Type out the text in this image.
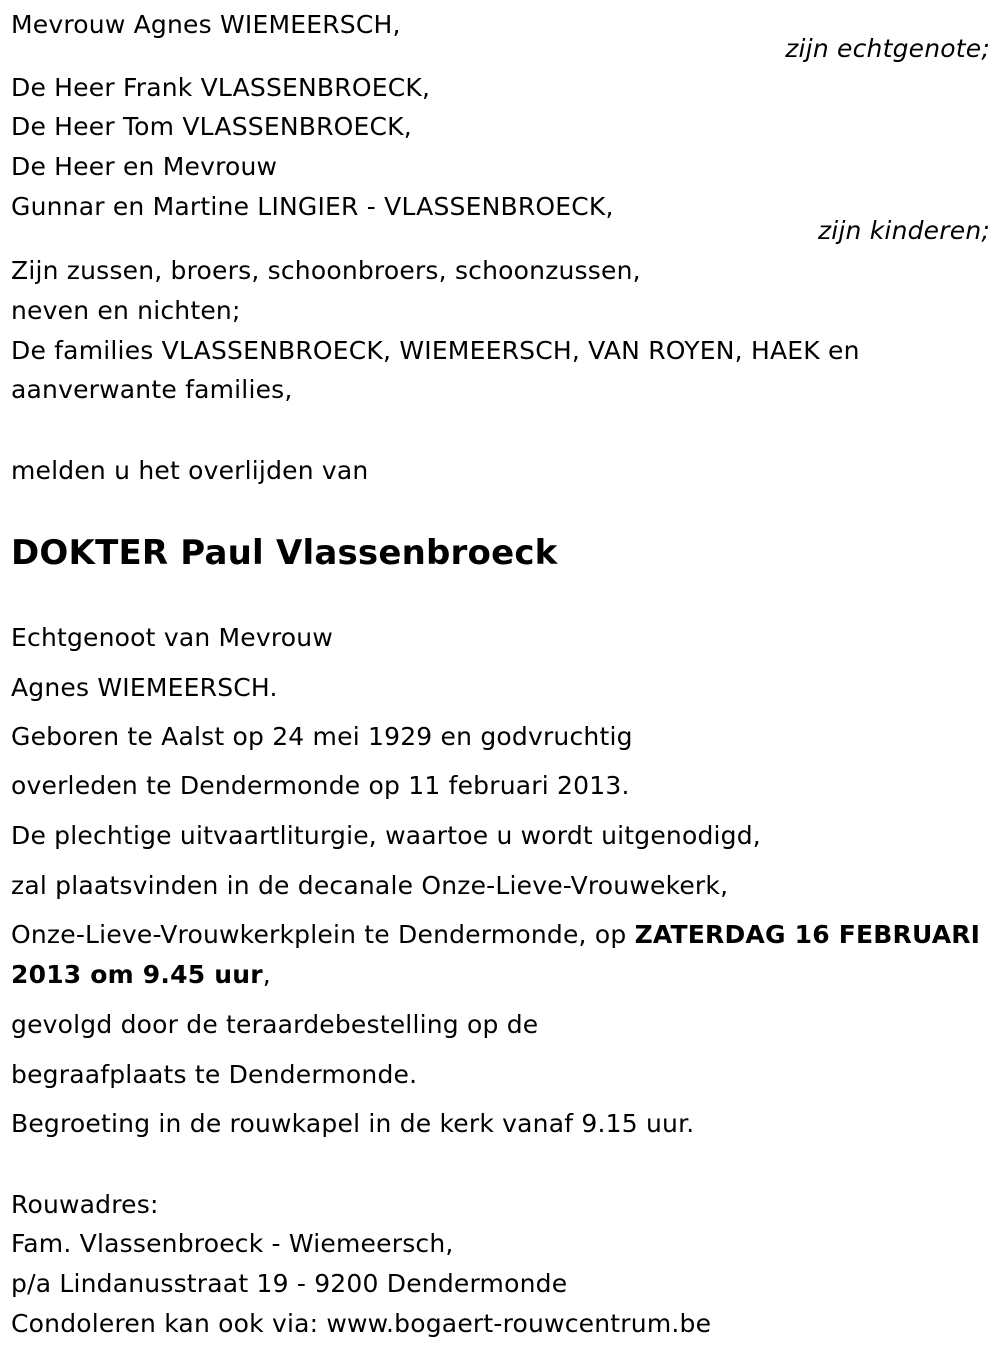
Mevrouw Agnes WIEMEERSCH,
zijn echtgenote;
De Heer Frank VLASSENBROECK,
De Heer Tom VLASSENBROECK,
De Heer en Mevrouw
Gunnar en Martine LINGIER - VLASSENBROECK,
zijn kinderen;
Zijn zussen, broers, schoonbroers, schoonzussen,
neven en nichten;
De families VLASSENBROECK, WIEMEERSCH, VAN ROYEN, HAEK en
aanverwante families,
melden u het overlijden van
DOKTER Paul Vlassenbroeck
Echtgenoot van Mevrouw
Agnes WIEMEERSCH.
Geboren te Aalst op 24 mei 1929 en godvruchtig
overleden te Dendermonde op 11 februari 2013.
De plechtige uitvaartliturgie, waartoe u wordt uitgenodigd,
zal plaatsvinden in de decanale Onze-Lieve-Vrouwekerk,
Onze-Lieve-Vrouwkerkplein te Dendermonde, op ZATERDAG 16 FEBRUARI
2013 om 9.45 uur,
gevolgd door de teraardebestelling op de
begraafplaats te Dendermonde.
Begroeting in de rouwkapel in de kerk vanaf 9.15 uur.
Rouwadres:
Fam. Vlassenbroeck - Wiemeersch,
p/a Lindanusstraat 19 - 9200 Dendermonde
Condoleren kan ook via: www.bogaert-rouwcentrum.be
